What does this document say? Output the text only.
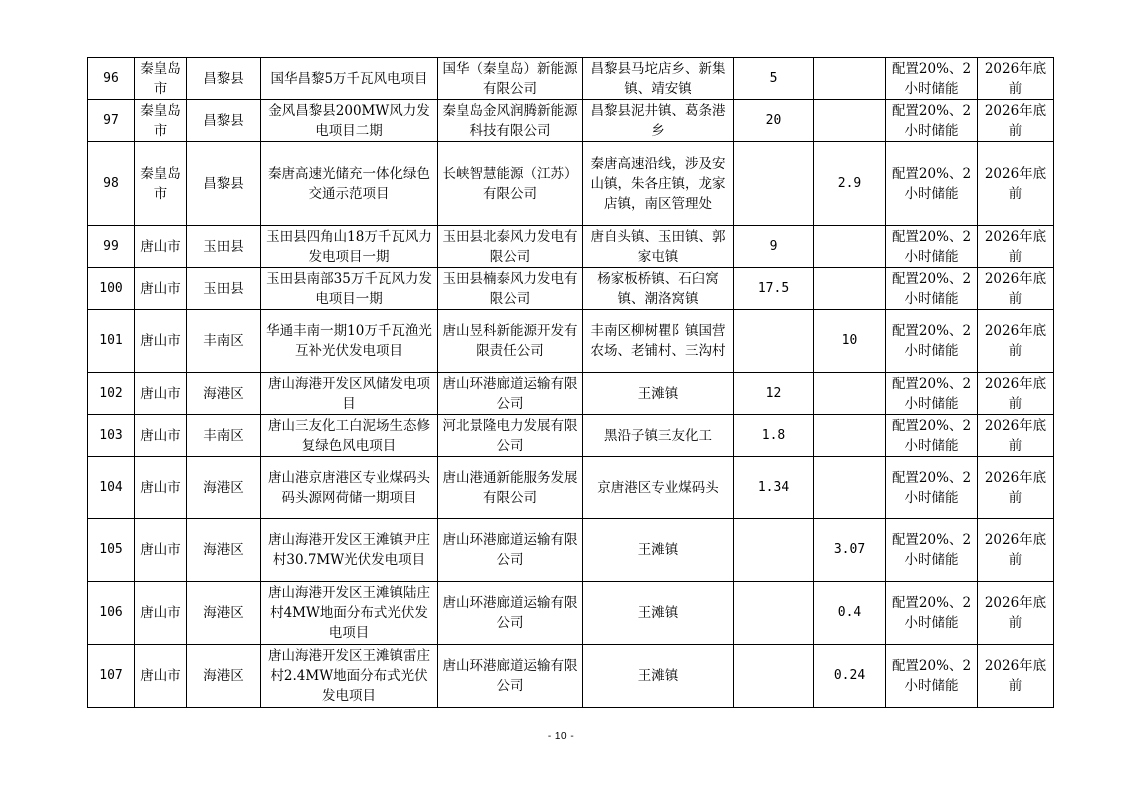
96	秦皇岛市	昌黎县	国华昌黎5万千瓦风电项目	国华（秦皇岛）新能源有限公司	昌黎县马坨店乡、新集镇、靖安镇	5		配置20%、2小时储能	2026年底前
97	秦皇岛市	昌黎县	金风昌黎县200MW风力发电项目二期	秦皇岛金风润腾新能源科技有限公司	昌黎县泥井镇、葛条港乡	20		配置20%、2小时储能	2026年底前
98	秦皇岛市	昌黎县	秦唐高速光储充一体化绿色交通示范项目	长峡智慧能源（江苏）有限公司	秦唐高速沿线，涉及安山镇，朱各庄镇，龙家店镇，南区管理处		2.9	配置20%、2小时储能	2026年底前
99	唐山市	玉田县	玉田县四角山18万千瓦风力发电项目一期	玉田县北泰风力发电有限公司	唐自头镇、玉田镇、郭家屯镇	9		配置20%、2小时储能	2026年底前
100	唐山市	玉田县	玉田县南部35万千瓦风力发电项目一期	玉田县楠泰风力发电有限公司	杨家板桥镇、石臼窝镇、潮洛窝镇	17.5		配置20%、2小时储能	2026年底前
101	唐山市	丰南区	华通丰南一期10万千瓦渔光互补光伏发电项目	唐山昱科新能源开发有限责任公司	丰南区柳树瞿阝镇国营农场、老铺村、三沟村		10	配置20%、2小时储能	2026年底前
102	唐山市	海港区	唐山海港开发区风储发电项目	唐山环港廊道运输有限公司	王滩镇	12		配置20%、2小时储能	2026年底前
103	唐山市	丰南区	唐山三友化工白泥场生态修复绿色风电项目	河北景隆电力发展有限公司	黑沿子镇三友化工	1.8		配置20%、2小时储能	2026年底前
104	唐山市	海港区	唐山港京唐港区专业煤码头码头源网荷储一期项目	唐山港通新能服务发展有限公司	京唐港区专业煤码头	1.34		配置20%、2小时储能	2026年底前
105	唐山市	海港区	唐山海港开发区王滩镇尹庄村30.7MW光伏发电项目	唐山环港廊道运输有限公司	王滩镇		3.07	配置20%、2小时储能	2026年底前
106	唐山市	海港区	唐山海港开发区王滩镇陆庄村4MW地面分布式光伏发电项目	唐山环港廊道运输有限公司	王滩镇		0.4	配置20%、2小时储能	2026年底前
107	唐山市	海港区	唐山海港开发区王滩镇雷庄村2.4MW地面分布式光伏发电项目	唐山环港廊道运输有限公司	王滩镇		0.24	配置20%、2小时储能	2026年底前
- 10 -
